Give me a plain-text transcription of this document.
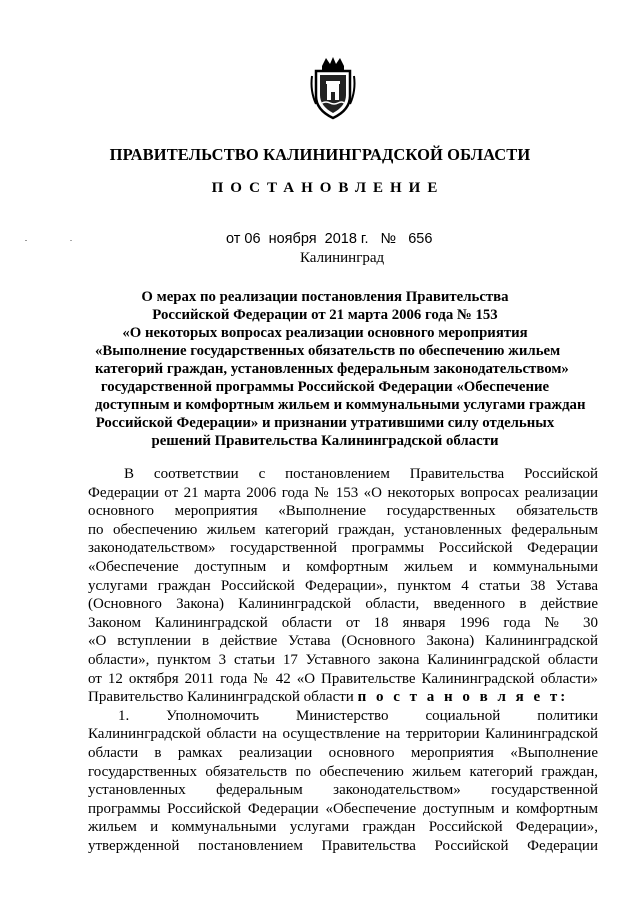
ПРАВИТЕЛЬСТВО КАЛИНИНГРАДСКОЙ ОБЛАСТИ
ПОСТАНОВЛЕНИЕ
от 06  ноября  2018 г.   №   656
Калининград
О мерах по реализации постановления Правительства
Российской Федерации от 21 марта 2006 года № 153
«О некоторых вопросах реализации основного мероприятия
«Выполнение государственных обязательств по обеспечению жильем
категорий граждан, установленных федеральным законодательством»
государственной программы Российской Федерации «Обеспечение
доступным и комфортным жильем и коммунальными услугами граждан
Российской Федерации» и признании утратившими силу отдельных
решений Правительства Калининградской области
В соответствии с постановлением Правительства Российской
Федерации от 21 марта 2006 года № 153 «О некоторых вопросах реализации
основного мероприятия «Выполнение государственных обязательств
по обеспечению жильем категорий граждан, установленных федеральным
законодательством» государственной программы Российской Федерации
«Обеспечение доступным и комфортным жильем и коммунальными
услугами граждан Российской Федерации», пунктом 4 статьи 38 Устава
(Основного Закона) Калининградской области, введенного в действие
Законом Калининградской области от 18 января 1996 года № 30
«О вступлении в действие Устава (Основного Закона) Калининградской
области», пунктом 3 статьи 17 Уставного закона Калининградской области
от 12 октября 2011 года № 42 «О Правительстве Калининградской области»
Правительство Калининградской области п о с т а н о в л я е т:
1. Уполномочить Министерство социальной политики
Калининградской области на осуществление на территории Калининградской
области в рамках реализации основного мероприятия «Выполнение
государственных обязательств по обеспечению жильем категорий граждан,
установленных федеральным законодательством» государственной
программы Российской Федерации «Обеспечение доступным и комфортным
жильем и коммунальными услугами граждан Российской Федерации»,
утвержденной постановлением Правительства Российской Федерации
